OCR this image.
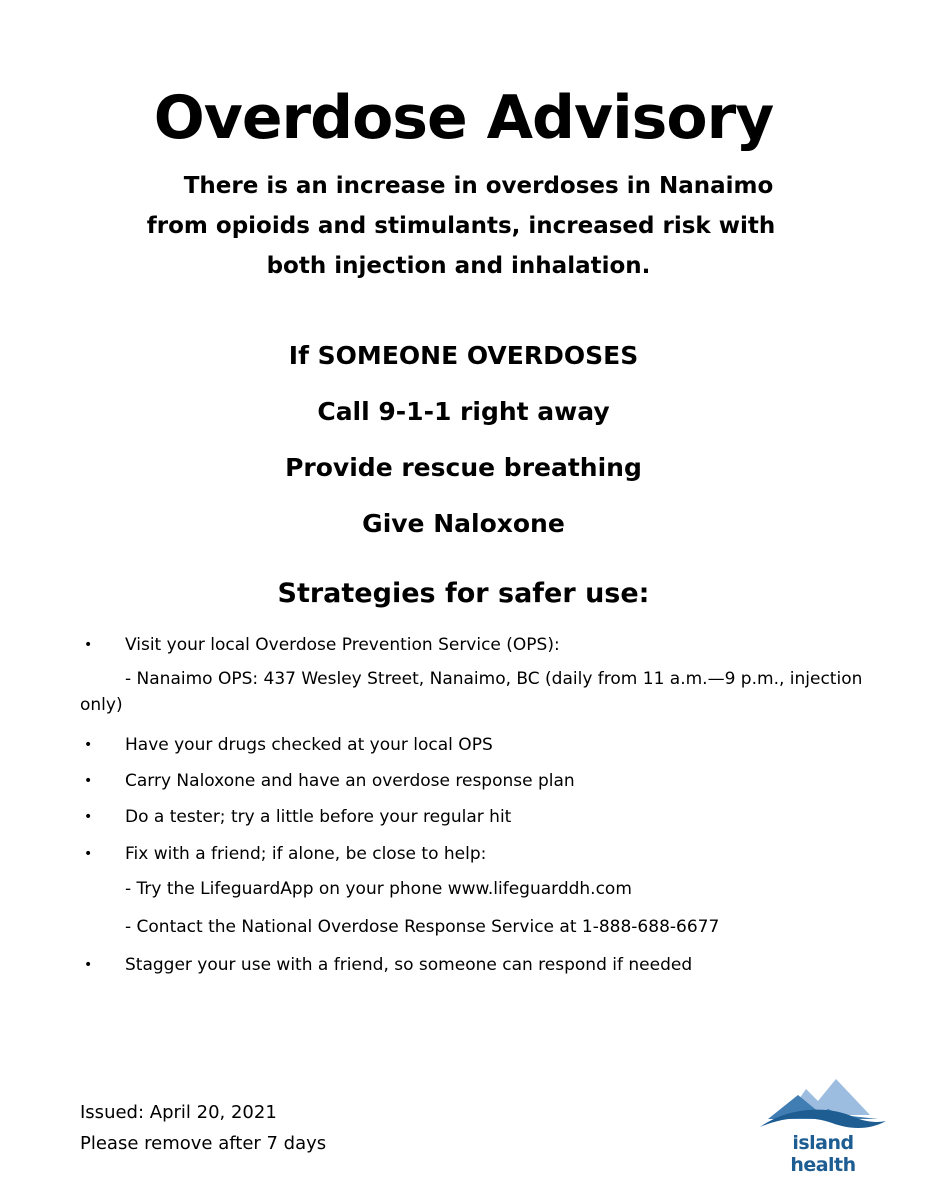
Overdose Advisory
There is an increase in overdoses in Nanaimo
from opioids and stimulants, increased risk with
both injection and inhalation.
If SOMEONE OVERDOSES
Call 9-1-1 right away
Provide rescue breathing
Give Naloxone
Strategies for safer use:
• Visit your local Overdose Prevention Service (OPS):
- Nanaimo OPS: 437 Wesley Street, Nanaimo, BC (daily from 11 a.m.—9 p.m., injection only)
• Have your drugs checked at your local OPS
• Carry Naloxone and have an overdose response plan
• Do a tester; try a little before your regular hit
• Fix with a friend; if alone, be close to help:
- Try the LifeguardApp on your phone www.lifeguarddh.com
- Contact the National Overdose Response Service at 1-888-688-6677
• Stagger your use with a friend, so someone can respond if needed
Issued: April 20, 2021
Please remove after 7 days	island health
